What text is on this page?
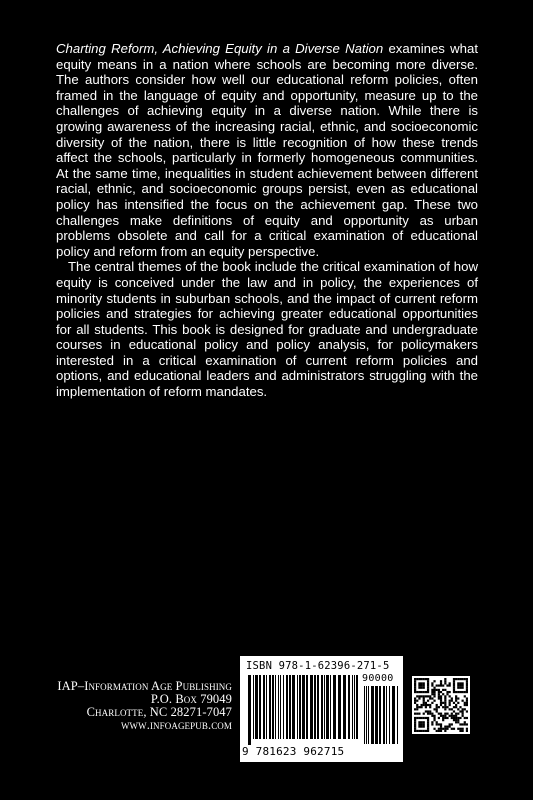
Charting Reform, Achieving Equity in a Diverse Nation examines what equity means in a nation where schools are becoming more diverse. The authors consider how well our educational reform policies, often framed in the language of equity and opportunity, measure up to the challenges of achieving equity in a diverse nation. While there is growing awareness of the increasing racial, ethnic, and socioeconomic diversity of the nation, there is little recognition of how these trends affect the schools, particularly in formerly homogeneous communities. At the same time, inequalities in student achievement between different racial, ethnic, and socioeconomic groups persist, even as educational policy has intensified the focus on the achievement gap. These two challenges make definitions of equity and opportunity as urban problems obsolete and call for a critical examination of educational policy and reform from an equity perspective.

The central themes of the book include the critical examination of how equity is conceived under the law and in policy, the experiences of minority students in suburban schools, and the impact of current reform policies and strategies for achieving greater educational opportunities for all students. This book is designed for graduate and undergraduate courses in educational policy and policy analysis, for policymakers interested in a critical examination of current reform policies and options, and educational leaders and administrators struggling with the implementation of reform mandates.

IAP–Information Age Publishing
P.O. Box 79049
Charlotte, NC 28271-7047
www.infoagepub.com
ISBN 978-1-62396-271-5
90000
9 781623 962715
